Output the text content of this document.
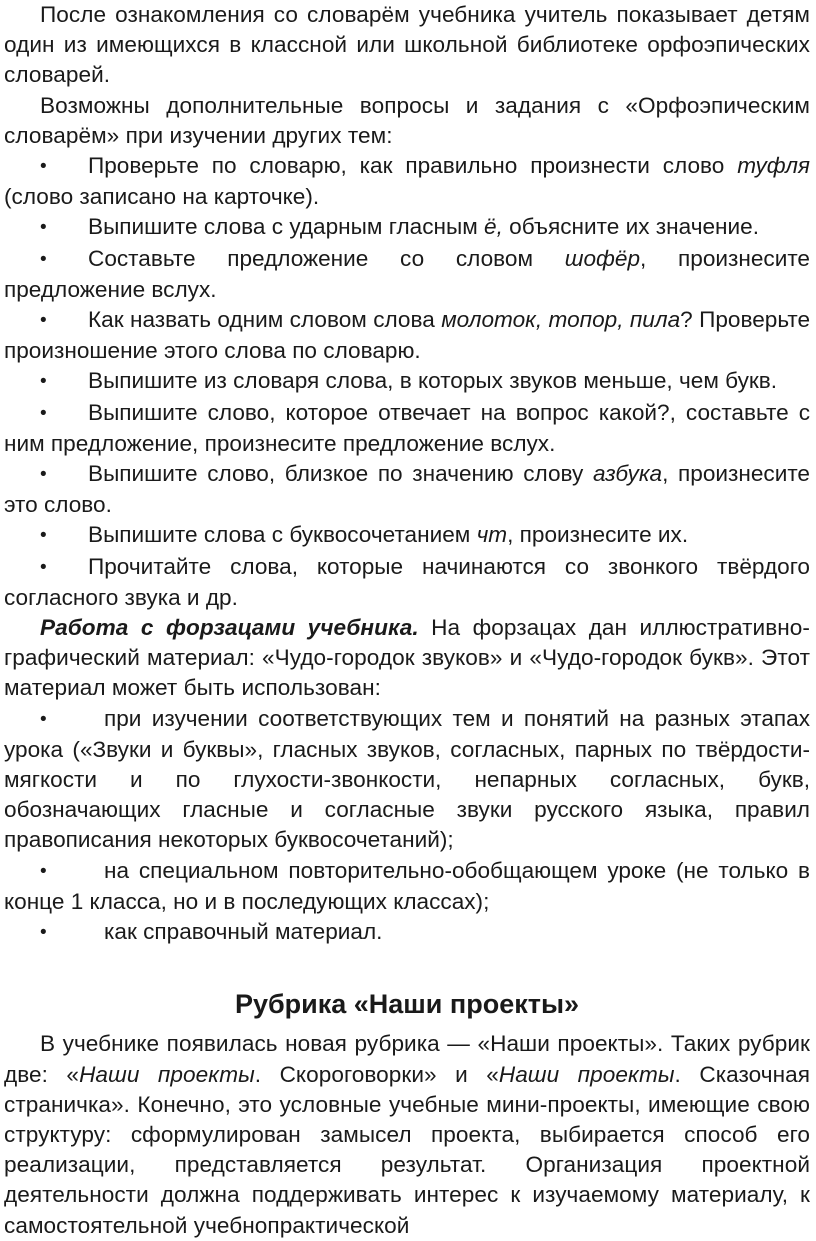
После ознакомления со словарём учебника учитель показывает детям один из имеющихся в классной или школьной библиотеке орфоэпических словарей.

Возможны дополнительные вопросы и задания с «Орфоэпическим словарём» при изучении других тем:

• Проверьте по словарю, как правильно произнести слово туфля (слово записано на карточке).

• Выпишите слова с ударным гласным ё, объясните их значение.

• Составьте предложение со словом шофёр, произнесите предложение вслух.

• Как назвать одним словом слова молоток, топор, пила? Проверьте произношение этого слова по словарю.

• Выпишите из словаря слова, в которых звуков меньше, чем букв.

• Выпишите слово, которое отвечает на вопрос какой?, составьте с ним предложение, произнесите предложение вслух.

• Выпишите слово, близкое по значению слову азбука, произнесите это слово.

• Выпишите слова с буквосочетанием чт, произнесите их.

• Прочитайте слова, которые начинаются со звонкого твёрдого согласного звука и др.

Работа с форзацами учебника. На форзацах дан иллюстративно-графический материал: «Чудо-городок звуков» и «Чудо-городок букв». Этот материал может быть использован:

•	при изучении соответствующих тем и понятий на разных этапах урока («Звуки и буквы», гласных звуков, согласных, парных по твёрдости-мягкости и по глухости-звонкости, непарных согласных, букв, обозначающих гласные и согласные звуки русского языка, правил правописания некоторых буквосочетаний);

•	на специальном повторительно-обобщающем уроке (не только в конце 1 класса, но и в последующих классах);

•	как справочный материал.

Рубрика «Наши проекты»

В учебнике появилась новая рубрика — «Наши проекты». Таких рубрик две: «Наши проекты. Скороговорки» и «Наши проекты. Сказочная страничка». Конечно, это условные учебные мини-проекты, имеющие свою структуру: сформулирован замысел проекта, выбирается способ его реализации, представляется результат. Организация проектной деятельности должна поддерживать интерес к изучаемому материалу, к самостоятельной учебнопрактической
